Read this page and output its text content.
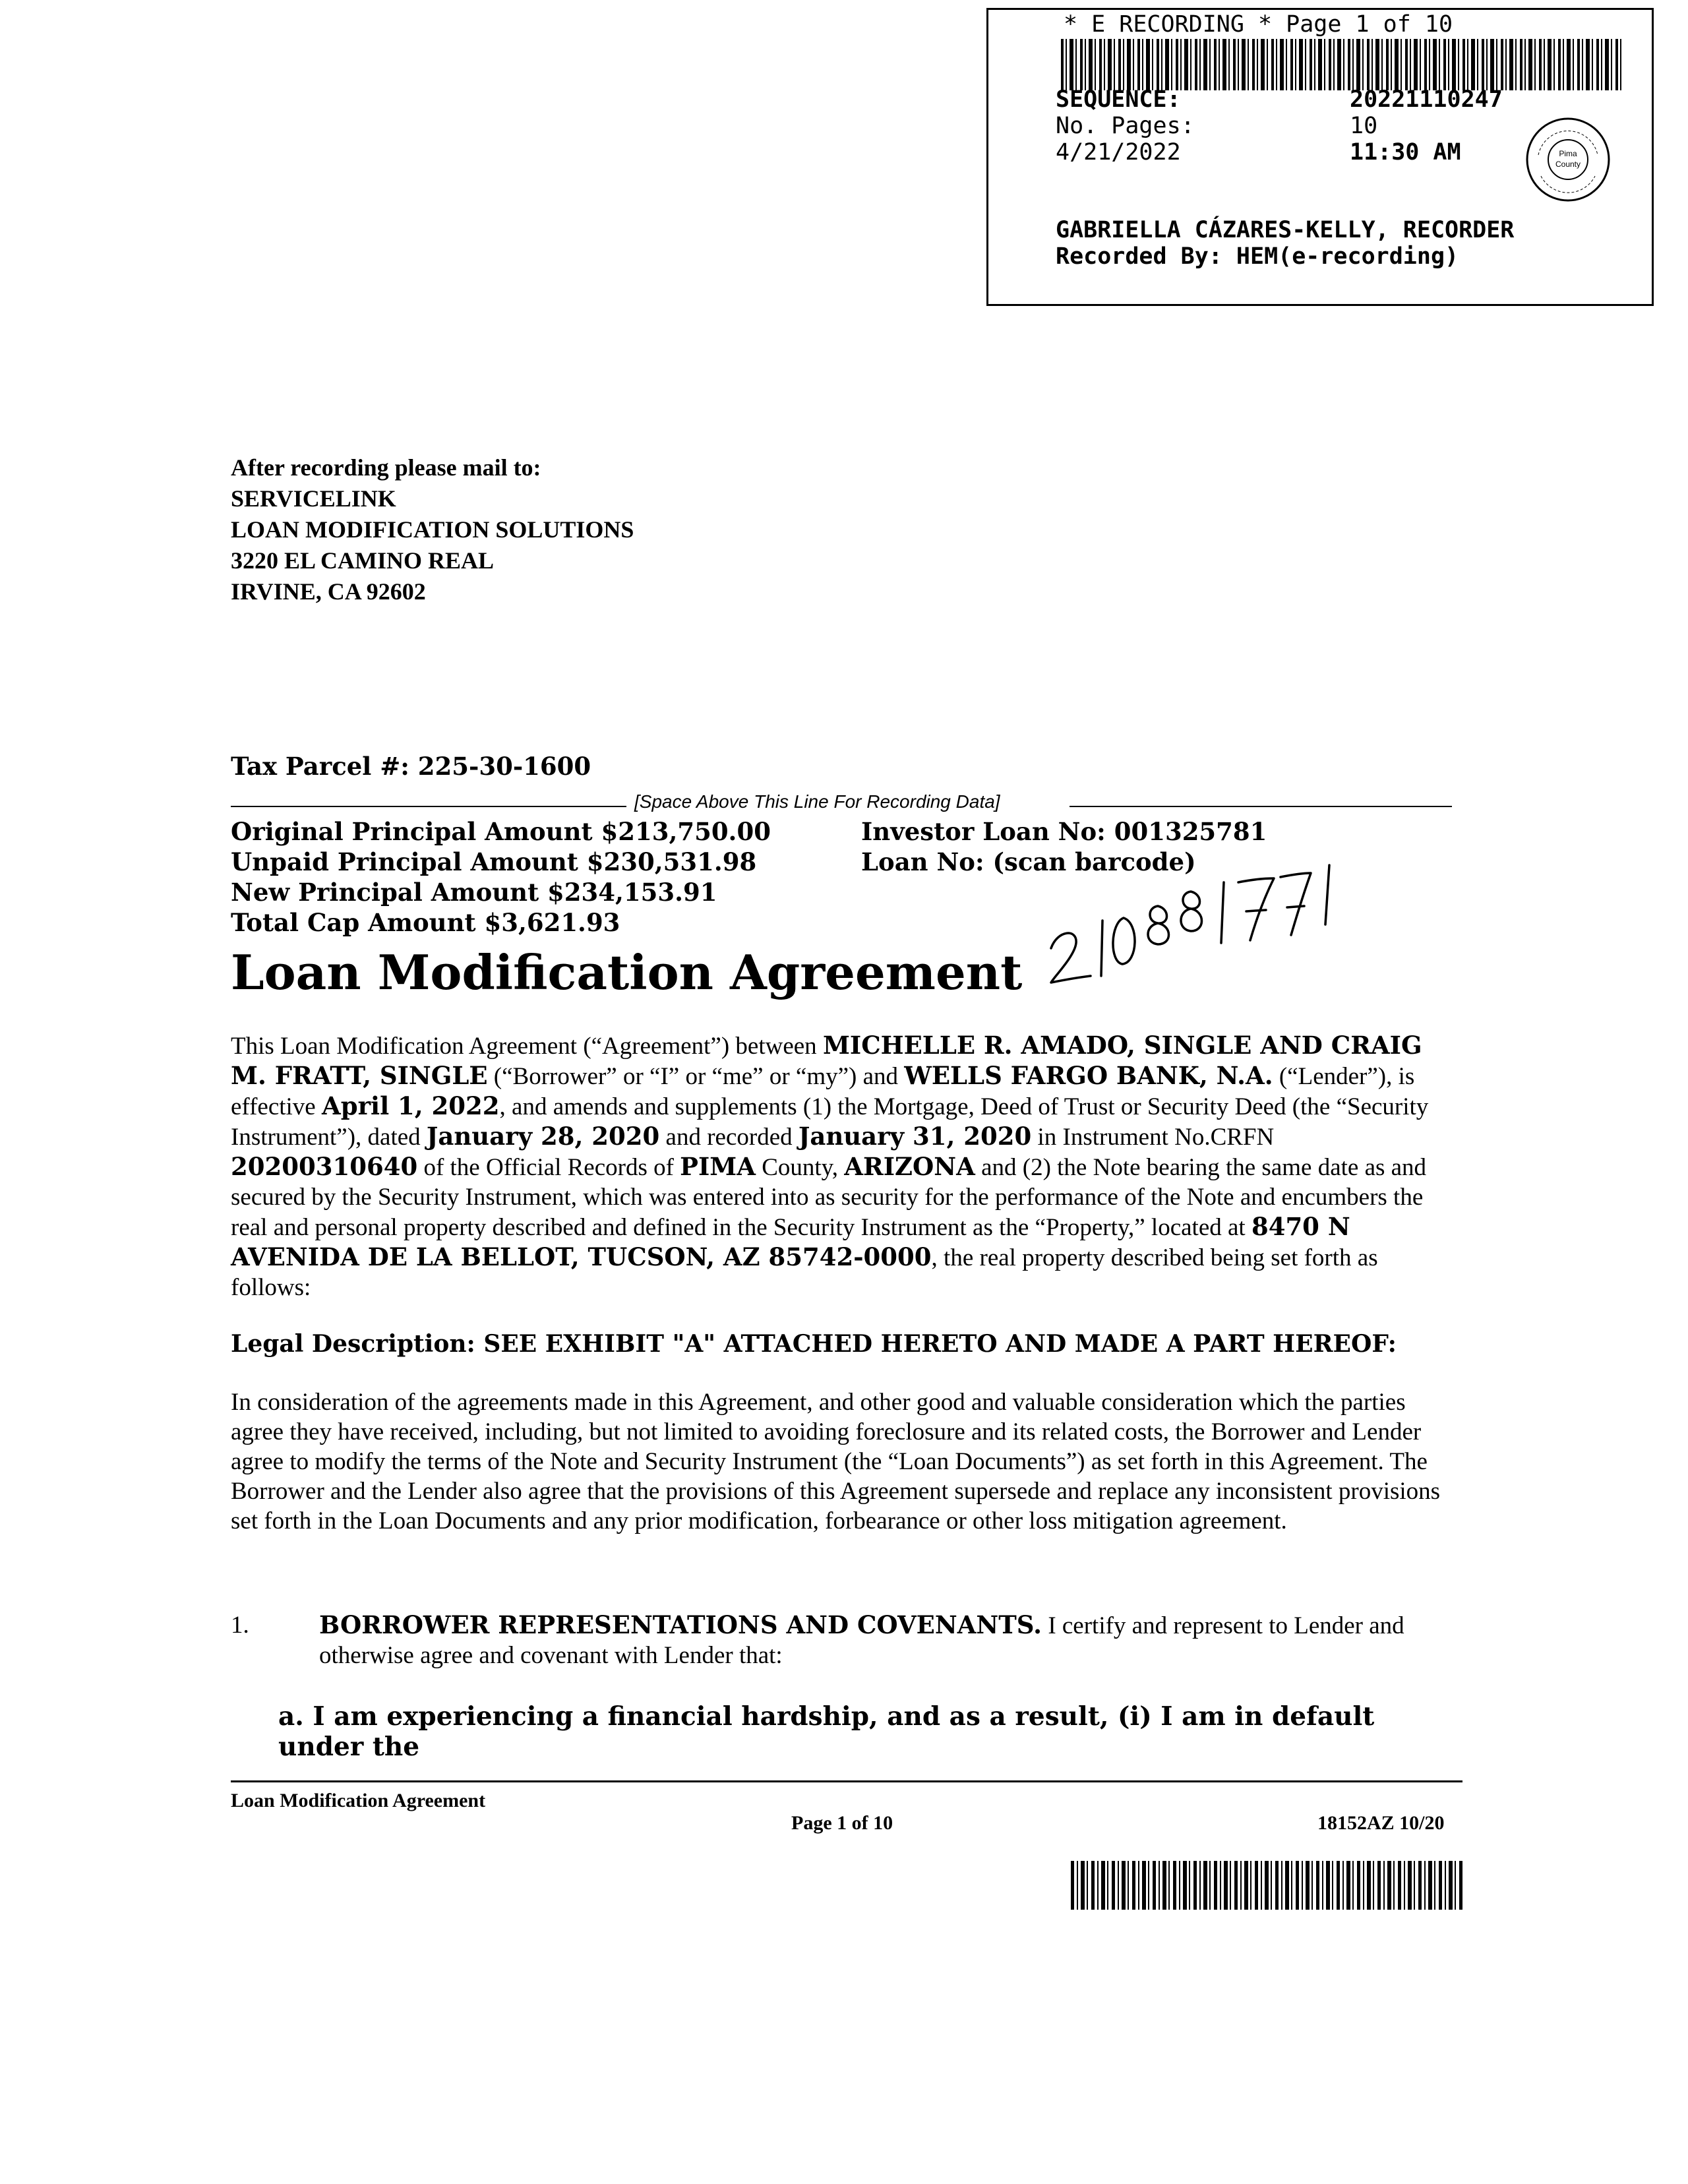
* E RECORDING * Page 1 of 10
SEQUENCE:	20221110247
No. Pages:	10
4/21/2022	11:30 AM	Pima
County
GABRIELLA CÁZARES-KELLY, RECORDER
Recorded By: HEM(e-recording)
After recording please mail to:
SERVICELINK
LOAN MODIFICATION SOLUTIONS
3220 EL CAMINO REAL
IRVINE, CA 92602
Tax Parcel #: 225-30-1600
[Space Above This Line For Recording Data]
Original Principal Amount $213,750.00
Unpaid Principal Amount $230,531.98
New Principal Amount $234,153.91
Total Cap Amount $3,621.93
Investor Loan No: 001325781
Loan No: (scan barcode)
Loan Modification Agreement
This Loan Modification Agreement (“Agreement”) between MICHELLE R. AMADO, SINGLE AND CRAIG M. FRATT, SINGLE (“Borrower” or “I” or “me” or “my”) and WELLS FARGO BANK, N.A. (“Lender”), is effective April 1, 2022, and amends and supplements (1) the Mortgage, Deed of Trust or Security Deed (the “Security Instrument”), dated January 28, 2020 and recorded January 31, 2020 in Instrument No.CRFN 20200310640 of the Official Records of PIMA County, ARIZONA and (2) the Note bearing the same date as and secured by the Security Instrument, which was entered into as security for the performance of the Note and encumbers the real and personal property described and defined in the Security Instrument as the “Property,” located at 8470 N AVENIDA DE LA BELLOT, TUCSON, AZ 85742-0000, the real property described being set forth as follows:
Legal Description: SEE EXHIBIT "A" ATTACHED HERETO AND MADE A PART HEREOF:
In consideration of the agreements made in this Agreement, and other good and valuable consideration which the parties agree they have received, including, but not limited to avoiding foreclosure and its related costs, the Borrower and Lender agree to modify the terms of the Note and Security Instrument (the “Loan Documents”) as set forth in this Agreement. The Borrower and the Lender also agree that the provisions of this Agreement supersede and replace any inconsistent provisions set forth in the Loan Documents and any prior modification, forbearance or other loss mitigation agreement.
1.	BORROWER REPRESENTATIONS AND COVENANTS. I certify and represent to Lender and otherwise agree and covenant with Lender that:
a. I am experiencing a financial hardship, and as a result, (i) I am in default under the
Loan Modification Agreement
Page 1 of 10	18152AZ 10/20
